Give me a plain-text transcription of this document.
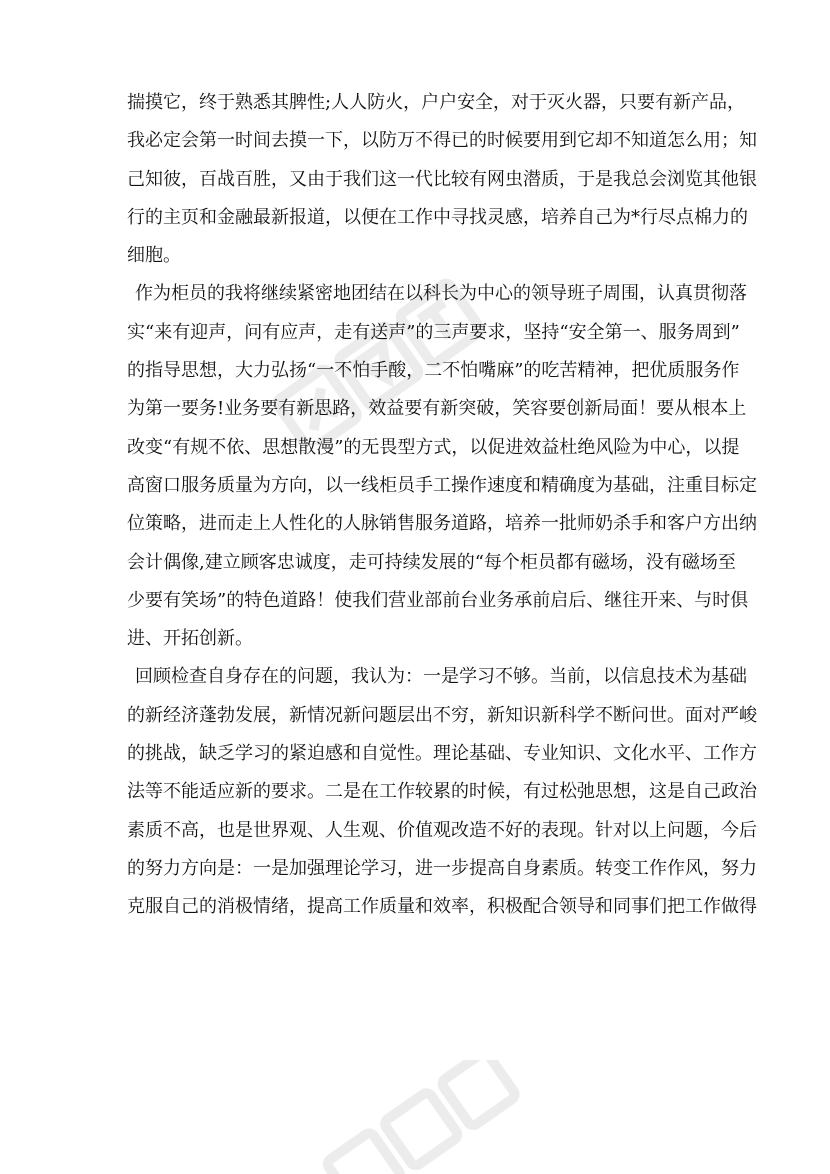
揣摸它，终于熟悉其脾性;人人防火，户户安全，对于灭火器，只要有新产品，
我必定会第一时间去摸一下，以防万不得已的时候要用到它却不知道怎么用；知
己知彼，百战百胜，又由于我们这一代比较有网虫潜质，于是我总会浏览其他银
行的主页和金融最新报道，以便在工作中寻找灵感，培养自己为*行尽点棉力的
细胞。
作为柜员的我将继续紧密地团结在以科长为中心的领导班子周围，认真贯彻落
实“来有迎声，问有应声，走有送声”的三声要求，坚持“安全第一、服务周到”
的指导思想，大力弘扬“一不怕手酸，二不怕嘴麻”的吃苦精神，把优质服务作
为第一要务!业务要有新思路，效益要有新突破，笑容要创新局面！要从根本上
改变“有规不依、思想散漫”的无畏型方式，以促进效益杜绝风险为中心，以提
高窗口服务质量为方向，以一线柜员手工操作速度和精确度为基础，注重目标定
位策略，进而走上人性化的人脉销售服务道路，培养一批师奶杀手和客户方出纳
会计偶像,建立顾客忠诚度，走可持续发展的“每个柜员都有磁场，没有磁场至
少要有笑场”的特色道路！使我们营业部前台业务承前启后、继往开来、与时俱
进、开拓创新。
回顾检查自身存在的问题，我认为：一是学习不够。当前，以信息技术为基础
的新经济蓬勃发展，新情况新问题层出不穷，新知识新科学不断问世。面对严峻
的挑战，缺乏学习的紧迫感和自觉性。理论基础、专业知识、文化水平、工作方
法等不能适应新的要求。二是在工作较累的时候，有过松弛思想，这是自己政治
素质不高，也是世界观、人生观、价值观改造不好的表现。针对以上问题，今后
的努力方向是：一是加强理论学习，进一步提高自身素质。转变工作作风，努力
克服自己的消极情绪，提高工作质量和效率，积极配合领导和同事们把工作做得
